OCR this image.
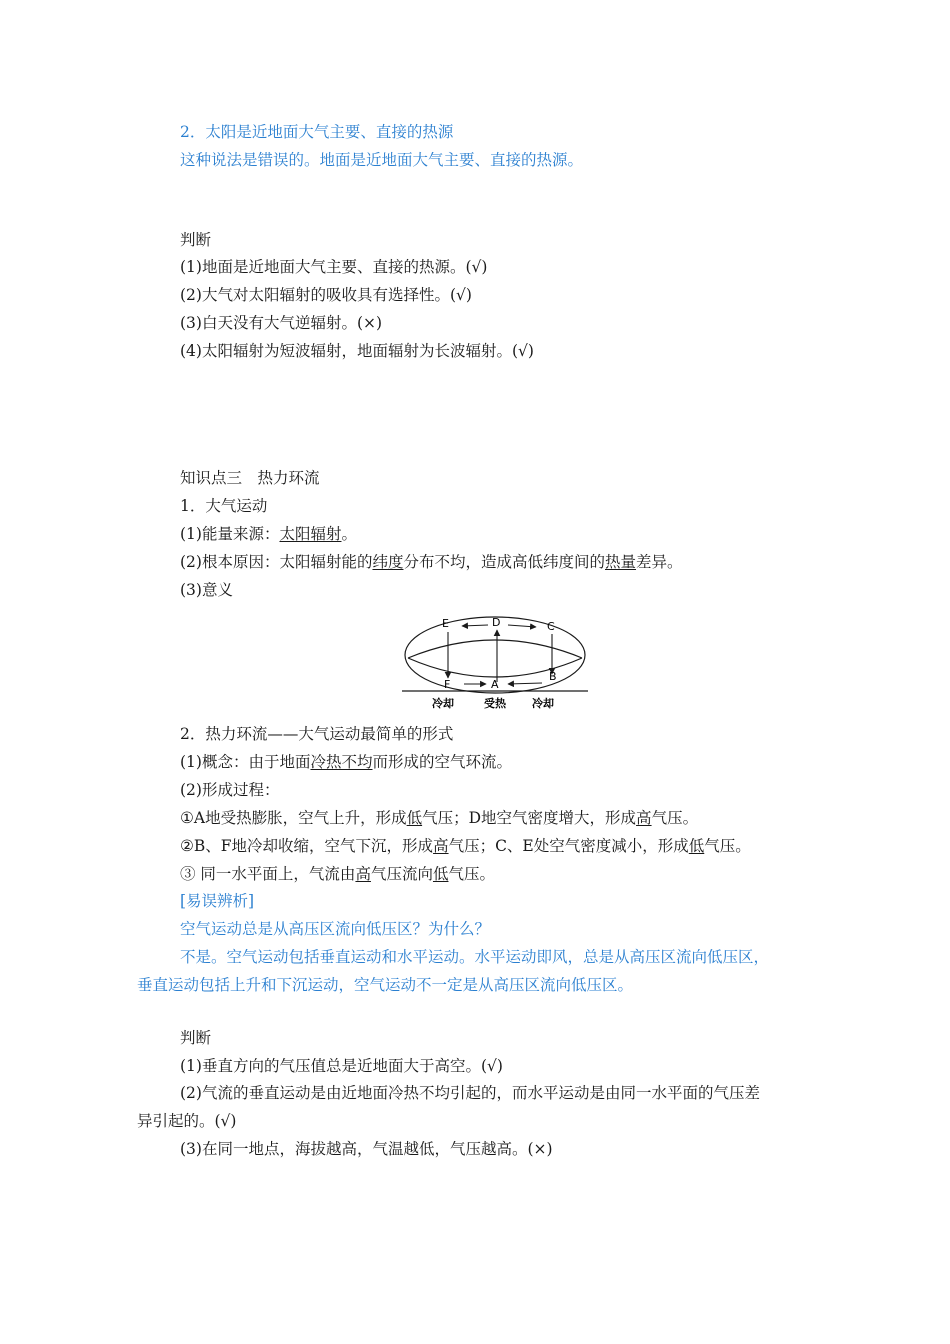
2．太阳是近地面大气主要、直接的热源
这种说法是错误的。地面是近地面大气主要、直接的热源。
判断
(1)地面是近地面大气主要、直接的热源。(√)
(2)大气对太阳辐射的吸收具有选择性。(√)
(3)白天没有大气逆辐射。(×)
(4)太阳辐射为短波辐射，地面辐射为长波辐射。(√)
知识点三　热力环流
1．大气运动
(1)能量来源：太阳辐射。
(2)根本原因：太阳辐射能的纬度分布不均，造成高低纬度间的热量差异。
(3)意义
E	D	C
F	A
B
冷却	受热 冷却
2．热力环流——大气运动最简单的形式
(1)概念：由于地面冷热不均而形成的空气环流。
(2)形成过程：
①A地受热膨胀，空气上升，形成低气压；D地空气密度增大，形成高气压。
②B、F地冷却收缩，空气下沉，形成高气压；C、E处空气密度减小，形成低气压。
③ 同一水平面上，气流由高气压流向低气压。
[易误辨析]
空气运动总是从高压区流向低压区？为什么？
不是。空气运动包括垂直运动和水平运动。水平运动即风，总是从高压区流向低压区，
垂直运动包括上升和下沉运动，空气运动不一定是从高压区流向低压区。
判断
(1)垂直方向的气压值总是近地面大于高空。(√)
(2)气流的垂直运动是由近地面冷热不均引起的，而水平运动是由同一水平面的气压差
异引起的。(√)
(3)在同一地点，海拔越高，气温越低，气压越高。(×)
